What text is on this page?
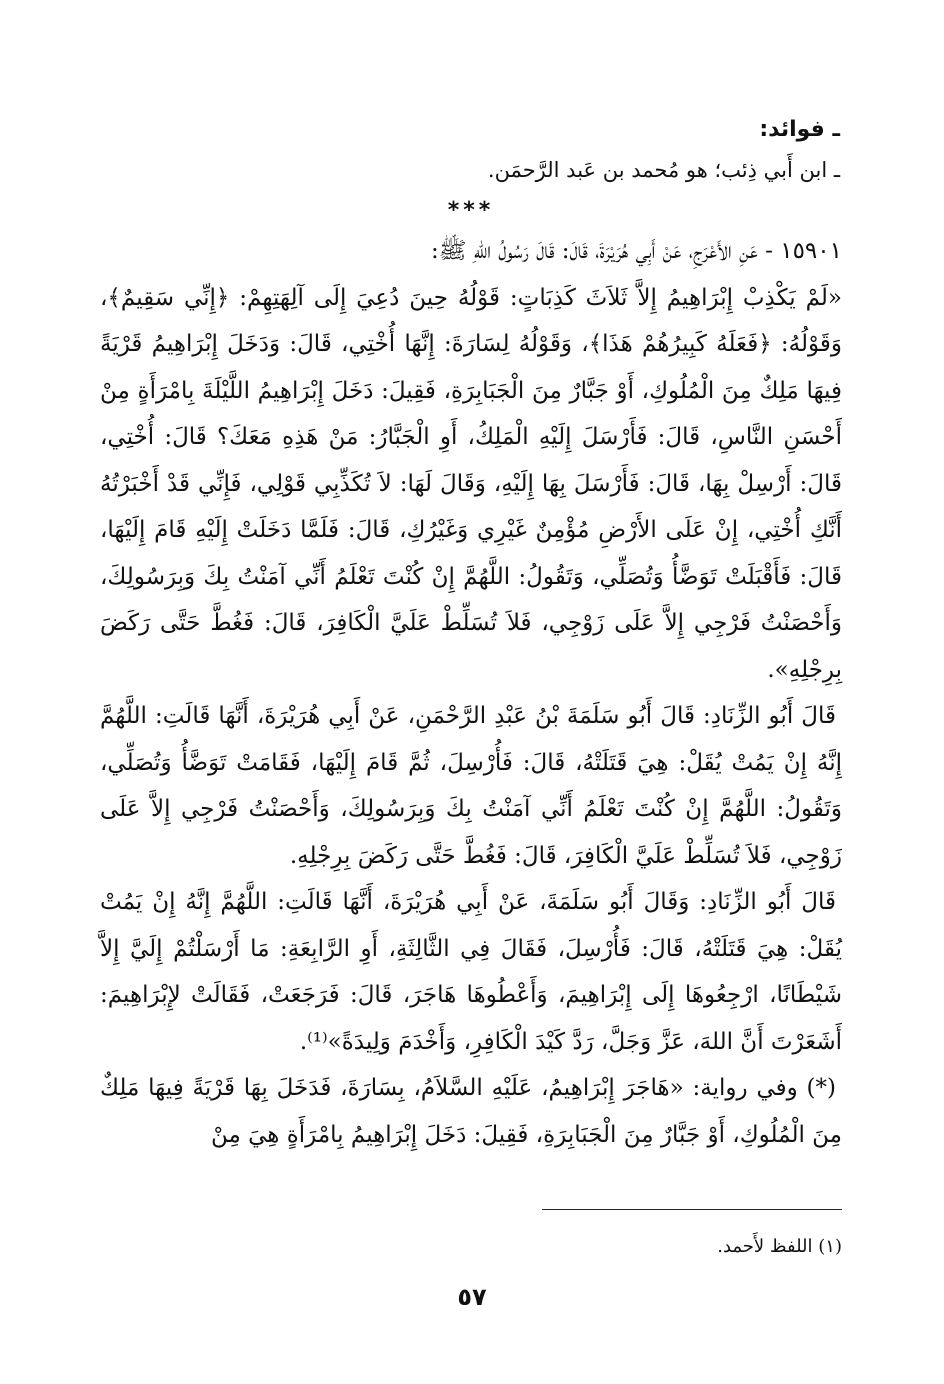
ـ فوائد:

ـ ابن أَبي ذِئب؛ هو مُحمد بن عَبد الرَّحمَن.

***

١٥٩٠١ - عَنِ الأَعْرَجِ، عَنْ أَبِي هُرَيْرَةَ، قَالَ: قَالَ رَسُولُ اللهِ ﷺ:

«لَمْ يَكْذِبْ إِبْرَاهِيمُ إِلاَّ ثَلاَثَ كَذِبَاتٍ: قَوْلُهُ حِينَ دُعِيَ إِلَى آلِهَتِهِمْ: ﴿إِنِّي سَقِيمٌ﴾، وَقَوْلُهُ: ﴿فَعَلَهُ كَبِيرُهُمْ هَذَا﴾، وَقَوْلُهُ لِسَارَةَ: إِنَّهَا أُخْتِي، قَالَ: وَدَخَلَ إِبْرَاهِيمُ قَرْيَةً فِيهَا مَلِكٌ مِنَ الْمُلُوكِ، أَوْ جَبَّارٌ مِنَ الْجَبَابِرَةِ، فَقِيلَ: دَخَلَ إِبْرَاهِيمُ اللَّيْلَةَ بِامْرَأَةٍ مِنْ أَحْسَنِ النَّاسِ، قَالَ: فَأَرْسَلَ إِلَيْهِ الْمَلِكُ، أَوِ الْجَبَّارُ: مَنْ هَذِهِ مَعَكَ؟ قَالَ: أُخْتِي، قَالَ: أَرْسِلْ بِهَا، قَالَ: فَأَرْسَلَ بِهَا إِلَيْهِ، وَقَالَ لَهَا: لاَ تُكَذِّبِي قَوْلِي، فَإِنِّي قَدْ أَخْبَرْتُهُ أَنَّكِ أُخْتِي، إِنْ عَلَى الأَرْضِ مُؤْمِنٌ غَيْرِي وَغَيْرُكِ، قَالَ: فَلَمَّا دَخَلَتْ إِلَيْهِ قَامَ إِلَيْهَا، قَالَ: فَأَقْبَلَتْ تَوَضَّأُ وَتُصَلِّي، وَتَقُولُ: اللَّهُمَّ إِنْ كُنْتَ تَعْلَمُ أَنِّي آمَنْتُ بِكَ وَبِرَسُولِكَ، وَأَحْصَنْتُ فَرْجِي إِلاَّ عَلَى زَوْجِي، فَلاَ تُسَلِّطْ عَلَيَّ الْكَافِرَ، قَالَ: فَغُطَّ حَتَّى رَكَضَ بِرِجْلِهِ».

قَالَ أَبُو الزِّنَادِ: قَالَ أَبُو سَلَمَةَ بْنُ عَبْدِ الرَّحْمَنِ، عَنْ أَبِي هُرَيْرَةَ، أَنَّهَا قَالَتِ: اللَّهُمَّ إِنَّهُ إِنْ يَمُتْ يُقَلْ: هِيَ قَتَلَتْهُ، قَالَ: فَأُرْسِلَ، ثُمَّ قَامَ إِلَيْهَا، فَقَامَتْ تَوَضَّأُ وَتُصَلِّي، وَتَقُولُ: اللَّهُمَّ إِنْ كُنْتَ تَعْلَمُ أَنِّي آمَنْتُ بِكَ وَبِرَسُولِكَ، وَأَحْصَنْتُ فَرْجِي إِلاَّ عَلَى زَوْجِي، فَلاَ تُسَلِّطْ عَلَيَّ الْكَافِرَ، قَالَ: فَغُطَّ حَتَّى رَكَضَ بِرِجْلِهِ.

قَالَ أَبُو الزِّنَادِ: وَقَالَ أَبُو سَلَمَةَ، عَنْ أَبِي هُرَيْرَةَ، أَنَّهَا قَالَتِ: اللَّهُمَّ إِنَّهُ إِنْ يَمُتْ يُقَلْ: هِيَ قَتَلَتْهُ، قَالَ: فَأُرْسِلَ، فَقَالَ فِي الثَّالِثَةِ، أَوِ الرَّابِعَةِ: مَا أَرْسَلْتُمْ إِلَيَّ إِلاَّ شَيْطَانًا، ارْجِعُوهَا إِلَى إِبْرَاهِيمَ، وَأَعْطُوهَا هَاجَرَ، قَالَ: فَرَجَعَتْ، فَقَالَتْ لإِبْرَاهِيمَ: أَشَعَرْتَ أَنَّ اللهَ، عَزَّ وَجَلَّ، رَدَّ كَيْدَ الْكَافِرِ، وَأَخْدَمَ وَلِيدَةً»⁽¹⁾.

(*) وفي رواية: «هَاجَرَ إِبْرَاهِيمُ، عَلَيْهِ السَّلاَمُ، بِسَارَةَ، فَدَخَلَ بِهَا قَرْيَةً فِيهَا مَلِكٌ مِنَ الْمُلُوكِ، أَوْ جَبَّارٌ مِنَ الْجَبَابِرَةِ، فَقِيلَ: دَخَلَ إِبْرَاهِيمُ بِامْرَأَةٍ هِيَ مِنْ

(١) اللفظ لأَحمد.
٥٧
